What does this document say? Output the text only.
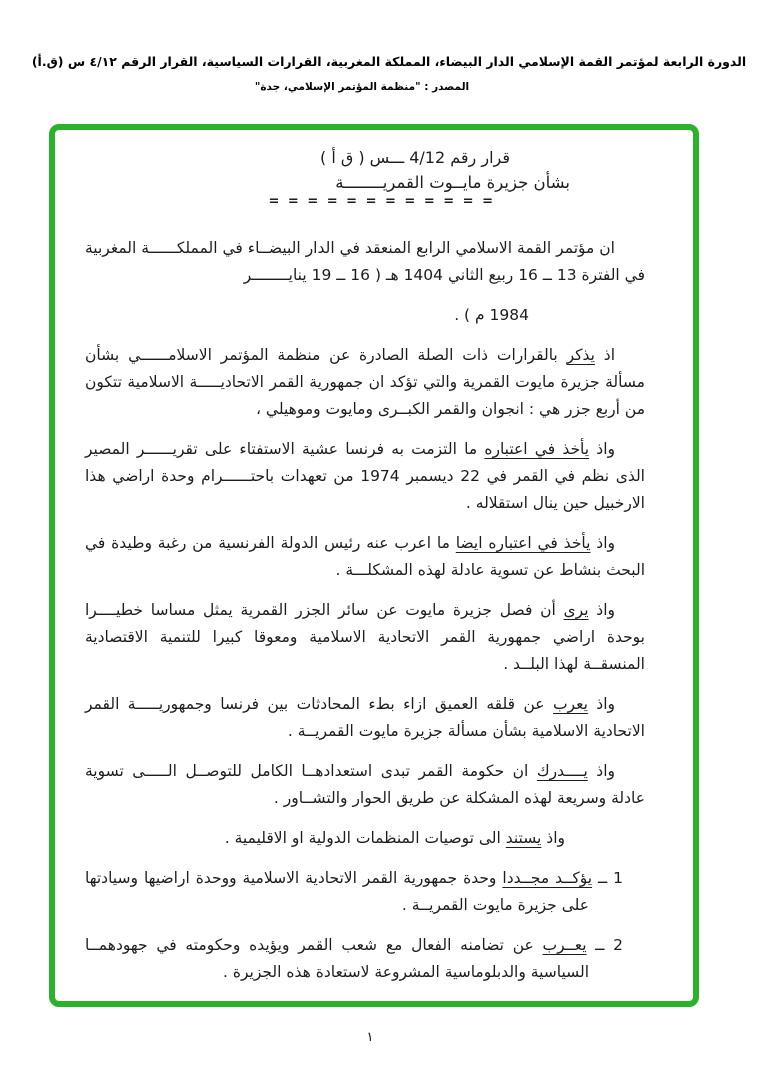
الدورة الرابعة لمؤتمر القمة الإسلامي الدار البيضاء، المملكة المغربية، القرارات السياسية، القرار الرقم ٤/١٢ س (ق.أ)
المصدر : "منظمة المؤتمر الإسلامي، جدة"
قرار رقم 4/12 ـــس ( ق أ )
بشأن جزيرة مايــوت القمريــــــــة
= = = = = = = = = = = =
ان مؤتمر القمة الاسلامي الرابع المنعقد في الدار البيضــاء في المملكــــــة المغربية في الفترة 13 ــ 16 ربيع الثاني 1404 هـ ( 16 ــ 19 ينايــــــــر
1984 م ) .
اذ يذكر بالقرارات ذات الصلة الصادرة عن منظمة المؤتمر الاسلامــــــي بشأن مسألة جزيرة مايوت القمرية والتي تؤكد ان جمهورية القمر الاتحاديـــــة الاسلامية تتكون من أربع جزر هي : انجوان والقمر الكبــرى ومايوت وموهيلي ،
واذ يأخذ في اعتباره ما التزمت به فرنسا عشية الاستفتاء على تقريــــــر المصير الذى نظم في القمر في 22 ديسمبر 1974 من تعهدات باحتــــــرام وحدة اراضي هذا الارخبيل حين ينال استقلاله .
واذ يأخذ في اعتباره ايضا ما اعرب عنه رئيس الدولة الفرنسية من رغبة وطيدة في البحث بنشاط عن تسوية عادلة لهذه المشكلـــة .
واذ يرى أن فصل جزيرة مايوت عن سائر الجزر القمرية يمثل مساسا خطيــــرا بوحدة اراضي جمهورية القمر الاتحادية الاسلامية ومعوقا كبيرا للتنمية الاقتصادية المنسقــة لهذا البلــد .
واذ يعرب عن قلقه العميق ازاء بطء المحادثات بين فرنسا وجمهوريـــــة القمر الاتحادية الاسلامية بشأن مسألة جزيرة مايوت القمريــة .
واذ يــــدرك ان حكومة القمر تبدى استعدادهــا الكامل للتوصــل الـــــى تسوية عادلة وسريعة لهذه المشكلة عن طريق الحوار والتشــاور .
واذ يستند الى توصيات المنظمات الدولية او الاقليمية .
1 ــ يؤكــد مجــددا وحدة جمهورية القمر الاتحادية الاسلامية ووحدة اراضيها وسيادتها على جزيرة مايوت القمريــة .
2 ــ يعــرب عن تضامنه الفعال مع شعب القمر ويؤيده وحكومته في جهودهمــا السياسية والدبلوماسية المشروعة لاستعادة هذه الجزيرة .
١
